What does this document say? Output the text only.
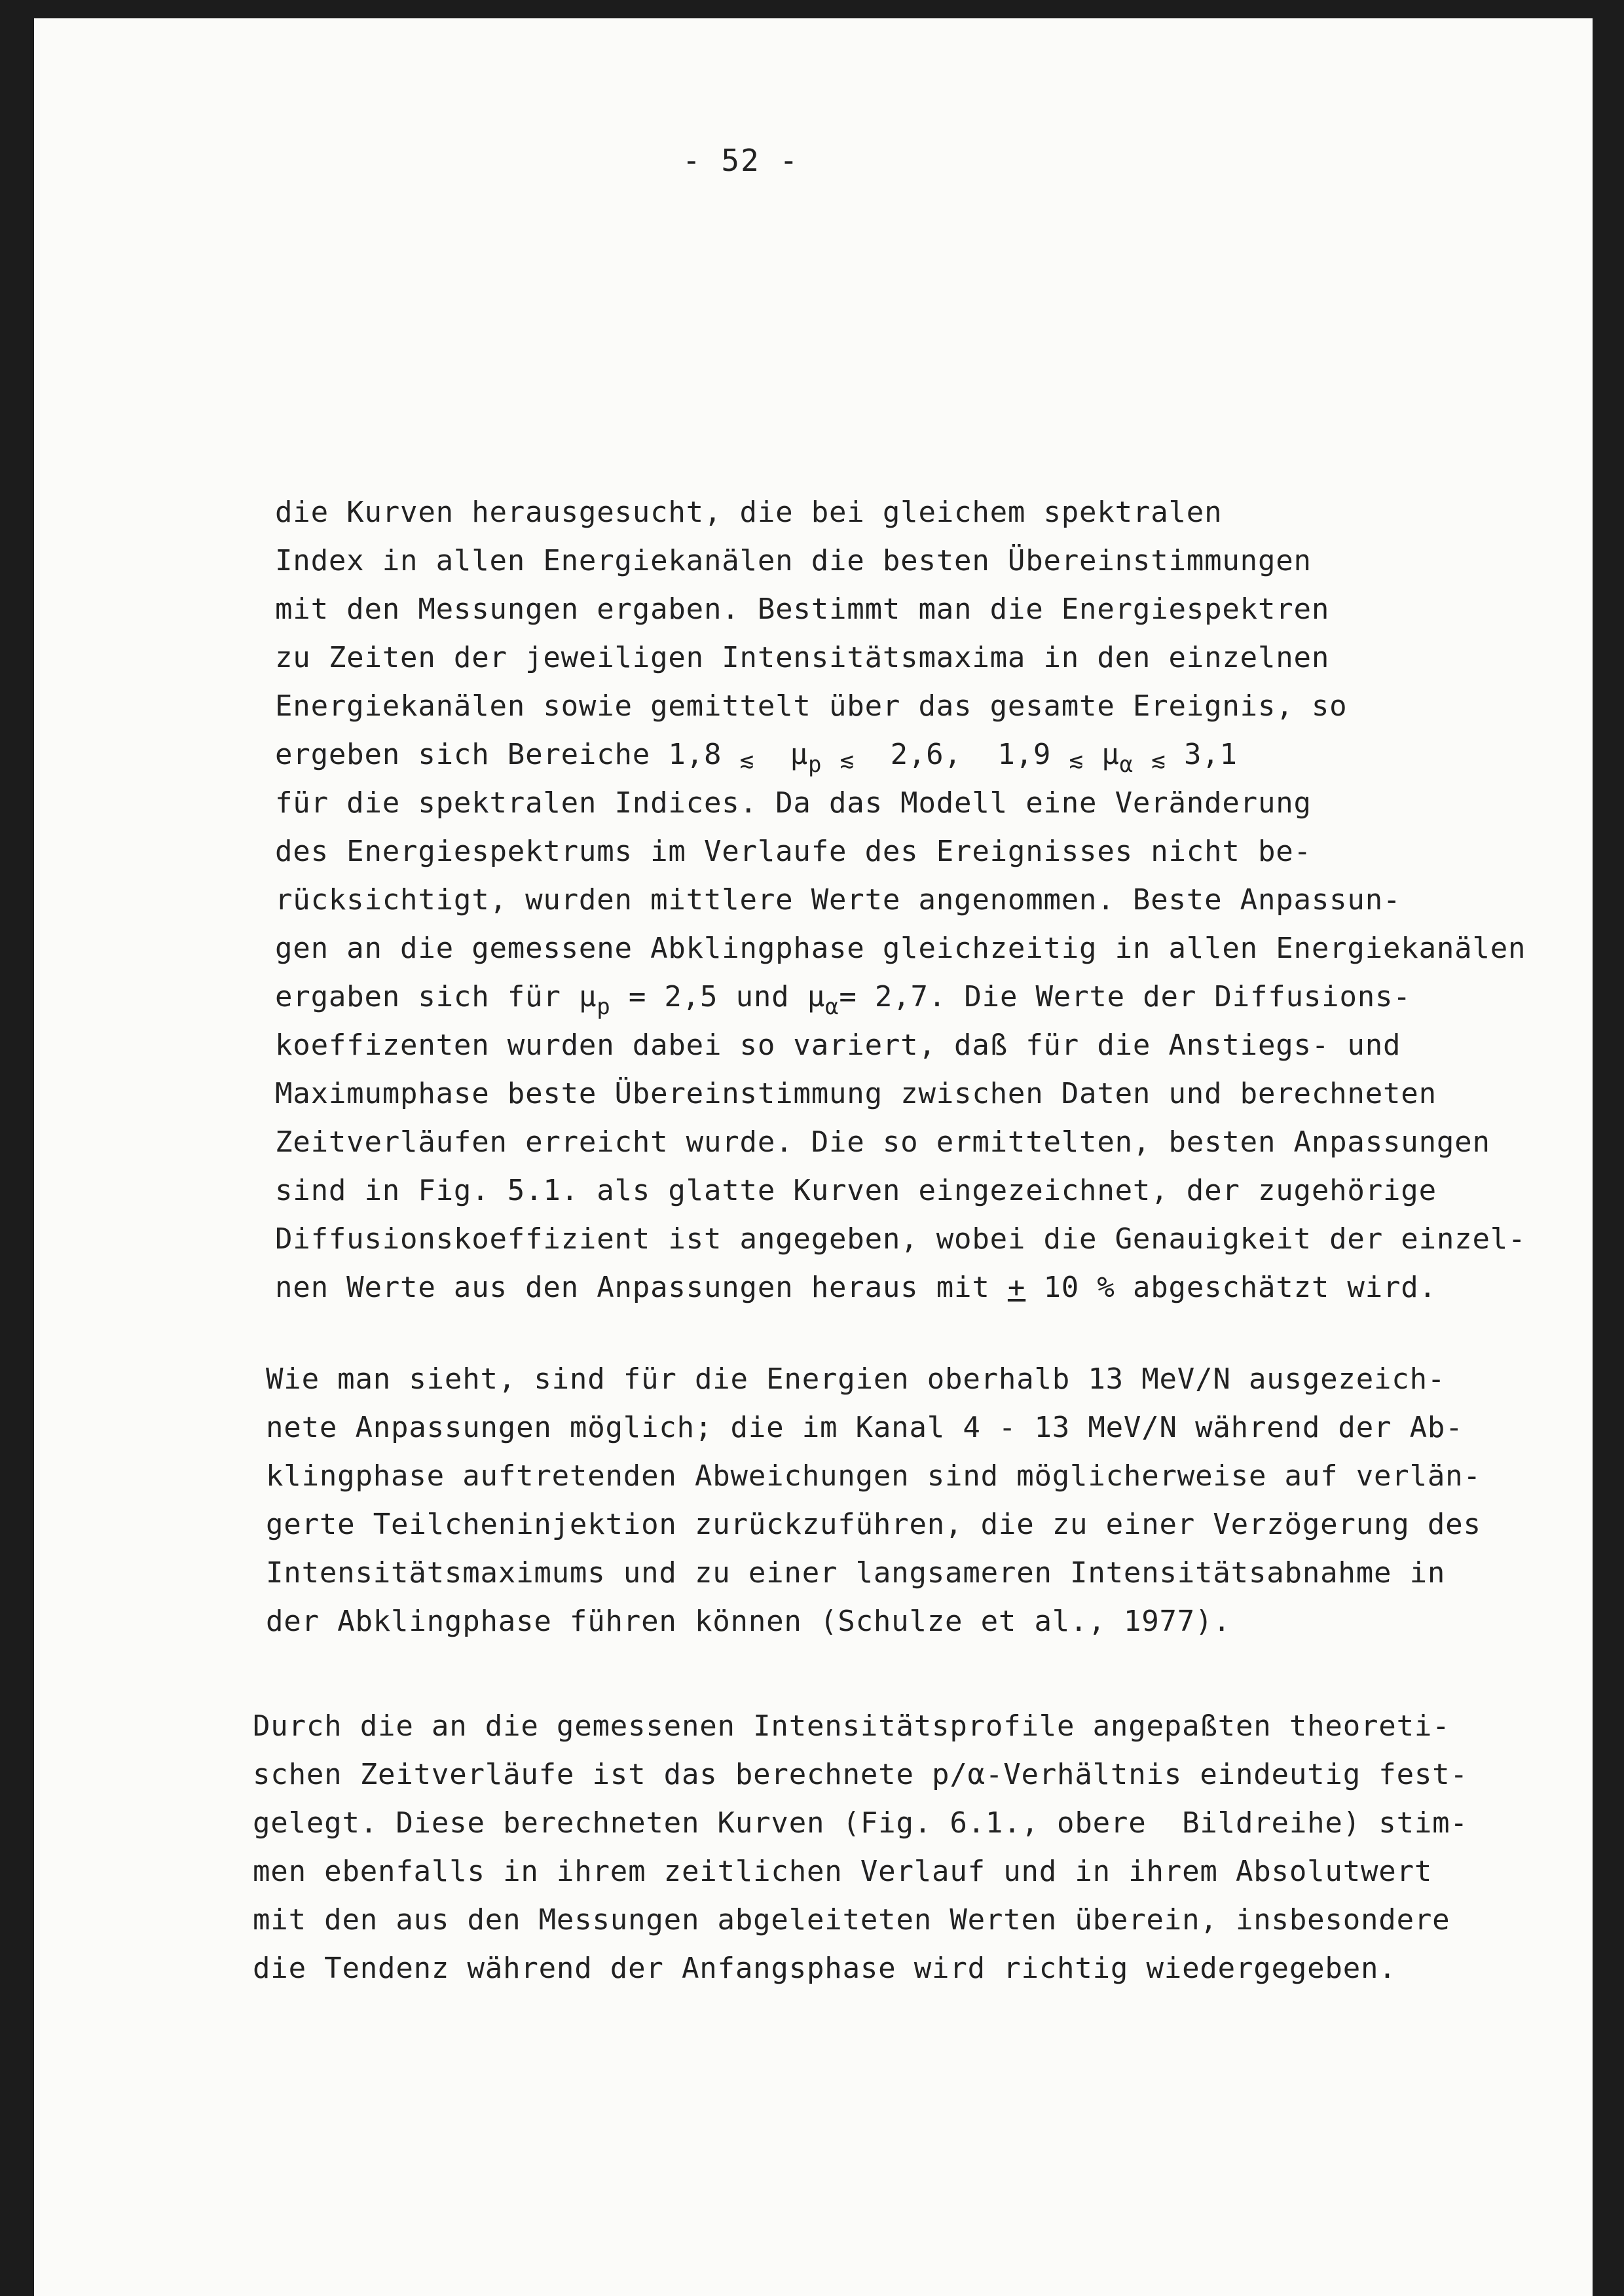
- 52 -
die Kurven herausgesucht, die bei gleichem spektralen
Index in allen Energiekanälen die besten Übereinstimmungen
mit den Messungen ergaben. Bestimmt man die Energiespektren
zu Zeiten der jeweiligen Intensitätsmaxima in den einzelnen
Energiekanälen sowie gemittelt über das gesamte Ereignis, so
ergeben sich Bereiche 1,8 ≲ $\mu_p$ ≲ 2,6,  1,9 ≲ $\mu_\alpha$ ≲ 3,1
für die spektralen Indices. Da das Modell eine Veränderung
des Energiespektrums im Verlaufe des Ereignisses nicht be-
rücksichtigt, wurden mittlere Werte angenommen. Beste Anpassun-
gen an die gemessene Abklingphase gleichzeitig in allen Energiekanälen
ergaben sich für $\mu_p = 2,5$ und $\mu_\alpha= 2,7$. Die Werte der Diffusions-
koeffizenten wurden dabei so variert, daß für die Anstiegs- und
Maximumphase beste Übereinstimmung zwischen Daten und berechneten
Zeitverläufen erreicht wurde. Die so ermittelten, besten Anpassungen
sind in Fig. 5.1. als glatte Kurven eingezeichnet, der zugehörige
Diffusionskoeffizient ist angegeben, wobei die Genauigkeit der einzel-
nen Werte aus den Anpassungen heraus mit + 10 % abgeschätzt wird.
Wie man sieht, sind für die Energien oberhalb 13 MeV/N ausgezeich-
nete Anpassungen möglich; die im Kanal 4 - 13 MeV/N während der Ab-
klingphase auftretenden Abweichungen sind möglicherweise auf verlän-
gerte Teilcheninjektion zurückzuführen, die zu einer Verzögerung des
Intensitätsmaximums und zu einer langsameren Intensitätsabnahme in
der Abklingphase führen können (Schulze et al., 1977).
Durch die an die gemessenen Intensitätsprofile angepaßten theoreti-
schen Zeitverläufe ist das berechnete p/α-Verhältnis eindeutig fest-
gelegt. Diese berechneten Kurven (Fig. 6.1., obere  Bildreihe) stim-
men ebenfalls in ihrem zeitlichen Verlauf und in ihrem Absolutwert
mit den aus den Messungen abgeleiteten Werten überein, insbesondere
die Tendenz während der Anfangsphase wird richtig wiedergegeben.
